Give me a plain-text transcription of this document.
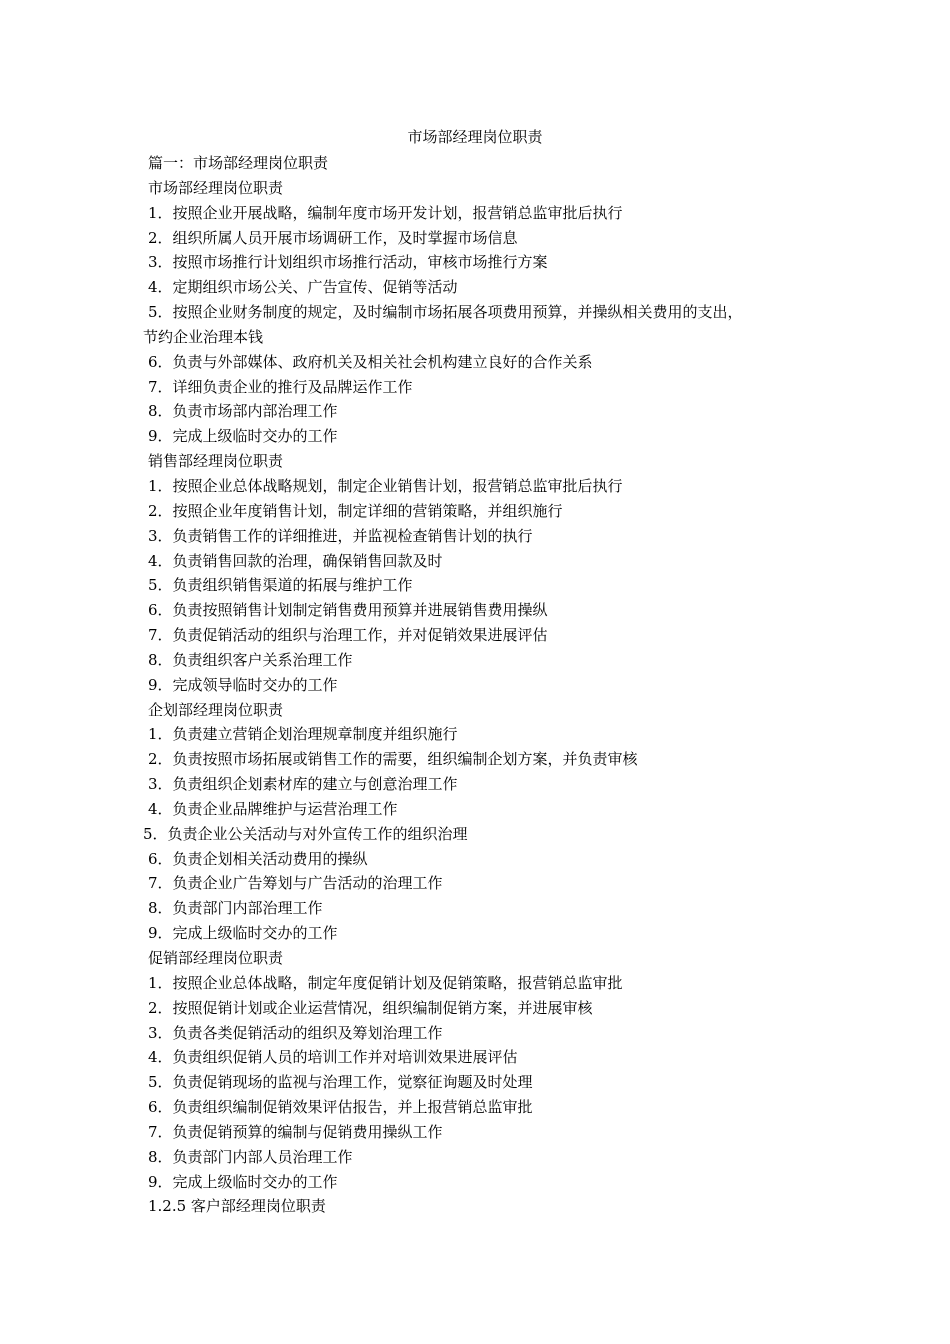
市场部经理岗位职责
篇一：市场部经理岗位职责
市场部经理岗位职责
1．按照企业开展战略，编制年度市场开发计划，报营销总监审批后执行
2．组织所属人员开展市场调研工作，及时掌握市场信息
3．按照市场推行计划组织市场推行活动，审核市场推行方案
4．定期组织市场公关、广告宣传、促销等活动
5．按照企业财务制度的规定，及时编制市场拓展各项费用预算，并操纵相关费用的支出，
节约企业治理本钱
6．负责与外部媒体、政府机关及相关社会机构建立良好的合作关系
7．详细负责企业的推行及品牌运作工作
8．负责市场部内部治理工作
9．完成上级临时交办的工作
销售部经理岗位职责
1．按照企业总体战略规划，制定企业销售计划，报营销总监审批后执行
2．按照企业年度销售计划，制定详细的营销策略，并组织施行
3．负责销售工作的详细推进，并监视检查销售计划的执行
4．负责销售回款的治理，确保销售回款及时
5．负责组织销售渠道的拓展与维护工作
6．负责按照销售计划制定销售费用预算并进展销售费用操纵
7．负责促销活动的组织与治理工作，并对促销效果进展评估
8．负责组织客户关系治理工作
9．完成领导临时交办的工作
企划部经理岗位职责
1．负责建立营销企划治理规章制度并组织施行
2．负责按照市场拓展或销售工作的需要，组织编制企划方案，并负责审核
3．负责组织企划素材库的建立与创意治理工作
4．负责企业品牌维护与运营治理工作
5．负责企业公关活动与对外宣传工作的组织治理
6．负责企划相关活动费用的操纵
7．负责企业广告筹划与广告活动的治理工作
8．负责部门内部治理工作
9．完成上级临时交办的工作
促销部经理岗位职责
1．按照企业总体战略，制定年度促销计划及促销策略，报营销总监审批
2．按照促销计划或企业运营情况，组织编制促销方案，并进展审核
3．负责各类促销活动的组织及筹划治理工作
4．负责组织促销人员的培训工作并对培训效果进展评估
5．负责促销现场的监视与治理工作，觉察征询题及时处理
6．负责组织编制促销效果评估报告，并上报营销总监审批
7．负责促销预算的编制与促销费用操纵工作
8．负责部门内部人员治理工作
9．完成上级临时交办的工作
1.2.5 客户部经理岗位职责
